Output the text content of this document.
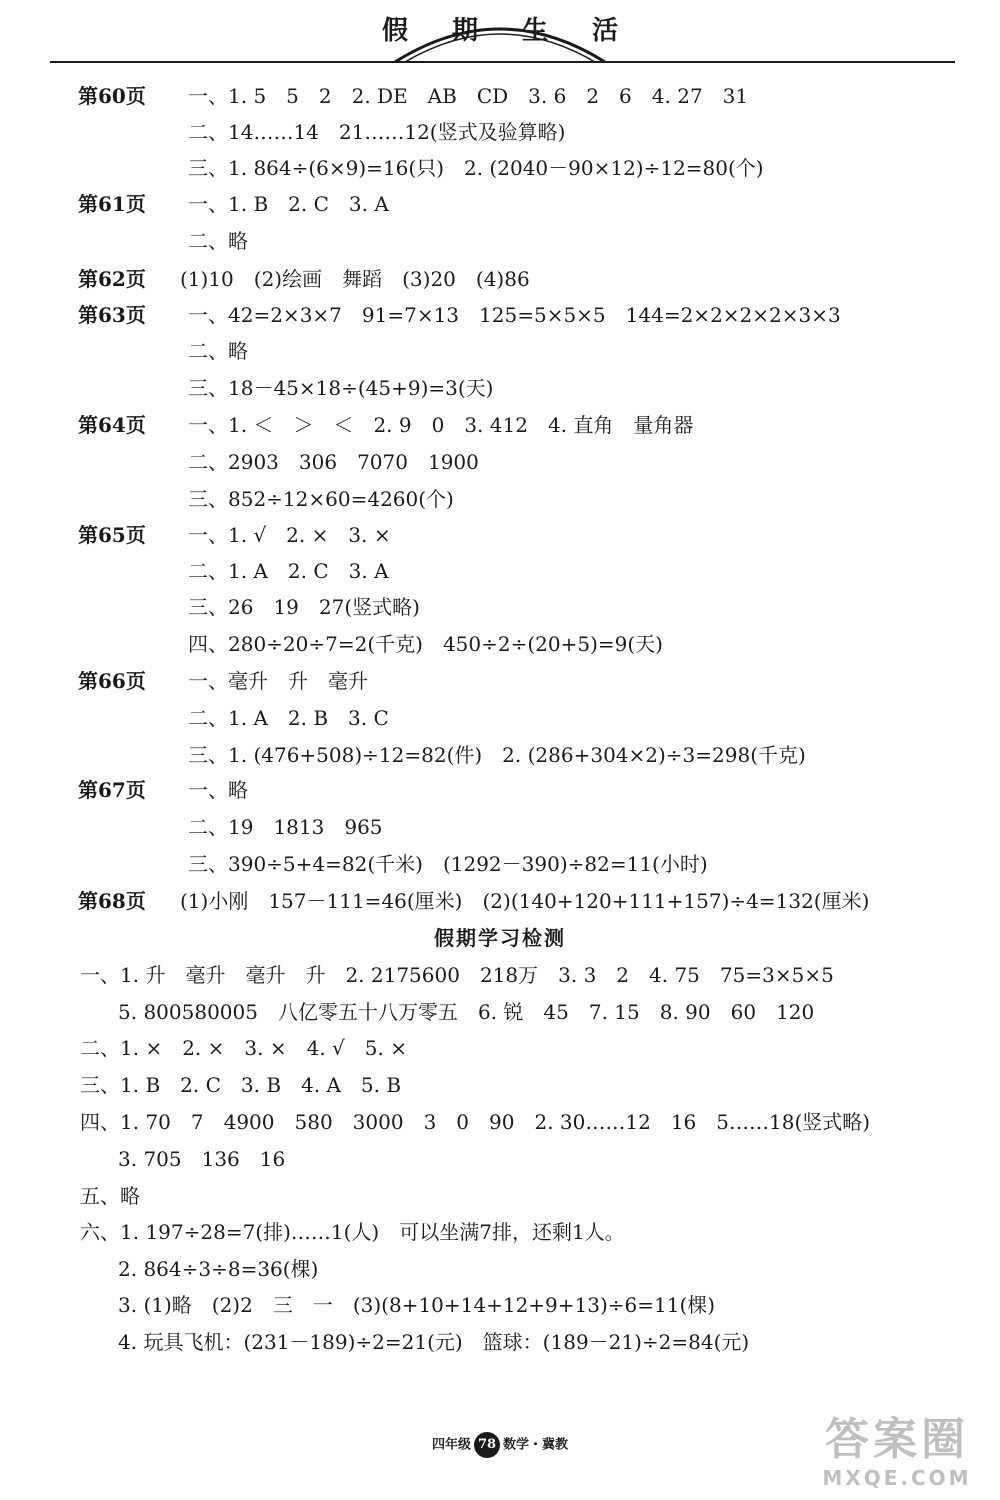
假期生活
第60页 一、1. 5　5　2　2. DE　AB　CD　3. 6　2　6　4. 27　31
二、14……14　21……12(竖式及验算略)
三、1. 864÷(6×9)=16(只)　2. (2040－90×12)÷12=80(个)
第61页 一、1. B　2. C　3. A
二、略
第62页 (1)10　(2)绘画　舞蹈　(3)20　(4)86
第63页 一、42=2×3×7　91=7×13　125=5×5×5　144=2×2×2×2×3×3
二、略
三、18－45×18÷(45+9)=3(天)
第64页 一、1. ＜　＞　＜　2. 9　0　3. 412　4. 直角　量角器
二、2903　306　7070　1900
三、852÷12×60=4260(个)
第65页 一、1. √　2. ×　3. ×
二、1. A　2. C　3. A
三、26　19　27(竖式略)
四、280÷20÷7=2(千克)　450÷2÷(20+5)=9(天)
第66页 一、毫升　升　毫升
二、1. A　2. B　3. C
三、1. (476+508)÷12=82(件)　2. (286+304×2)÷3=298(千克)
第67页 一、略
二、19　1813　965
三、390÷5+4=82(千米)　(1292－390)÷82=11(小时)
第68页 (1)小刚　157－111=46(厘米)　(2)(140+120+111+157)÷4=132(厘米)
假期学习检测
一、1. 升　毫升　毫升　升　2. 2175600　218万　3. 3　2　4. 75　75=3×5×5
5. 800580005　八亿零五十八万零五　6. 锐　45　7. 15　8. 90　60　120
二、1. ×　2. ×　3. ×　4. √　5. ×
三、1. B　2. C　3. B　4. A　5. B
四、1. 70　7　4900　580　3000　3　0　90　2. 30……12　16　5……18(竖式略)
3. 705　136　16
五、略
六、1. 197÷28=7(排)……1(人)　可以坐满7排，还剩1人。
2. 864÷3÷8=36(棵)
3. (1)略　(2)2　三　一　(3)(8+10+14+12+9+13)÷6=11(棵)
4. 玩具飞机：(231－189)÷2=21(元)　篮球：(189－21)÷2=84(元)
四年级 78 数学・冀教	答案圈
MXQE.COM
